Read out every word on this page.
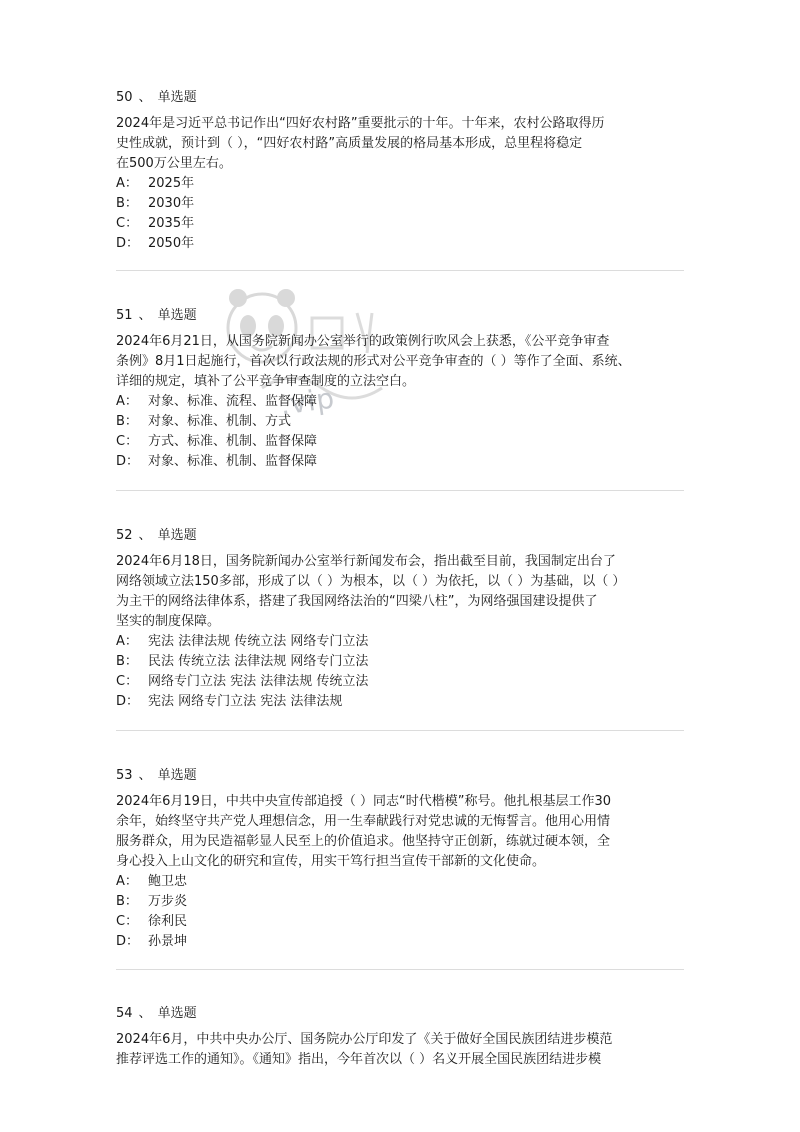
.vip
50 、 单选题
2024年是习近平总书记作出“四好农村路”重要批示的十年。十年来，农村公路取得历
史性成就，预计到（ ），“四好农村路”高质量发展的格局基本形成，总里程将稳定
在500万公里左右。
A： 2025年
B： 2030年
C： 2035年
D： 2050年
51 、 单选题
2024年6月21日，从国务院新闻办公室举行的政策例行吹风会上获悉，《公平竞争审查
条例》8月1日起施行，首次以行政法规的形式对公平竞争审查的（ ）等作了全面、系统、
详细的规定，填补了公平竞争审查制度的立法空白。
A： 对象、标准、流程、监督保障
B： 对象、标准、机制、方式
C： 方式、标准、机制、监督保障
D： 对象、标准、机制、监督保障
52 、 单选题
2024年6月18日，国务院新闻办公室举行新闻发布会，指出截至目前，我国制定出台了
网络领域立法150多部，形成了以（ ）为根本，以（ ）为依托，以（ ）为基础，以（ ）
为主干的网络法律体系，搭建了我国网络法治的“四梁八柱”，为网络强国建设提供了
坚实的制度保障。
A： 宪法 法律法规 传统立法 网络专门立法
B： 民法 传统立法 法律法规 网络专门立法
C： 网络专门立法 宪法 法律法规 传统立法
D： 宪法 网络专门立法 宪法 法律法规
53 、 单选题
2024年6月19日，中共中央宣传部追授（ ）同志“时代楷模”称号。他扎根基层工作30
余年，始终坚守共产党人理想信念，用一生奉献践行对党忠诚的无悔誓言。他用心用情
服务群众，用为民造福彰显人民至上的价值追求。他坚持守正创新，练就过硬本领，全
身心投入上山文化的研究和宣传，用实干笃行担当宣传干部新的文化使命。
A： 鲍卫忠
B： 万步炎
C： 徐利民
D： 孙景坤
54 、 单选题
2024年6月，中共中央办公厅、国务院办公厅印发了《关于做好全国民族团结进步模范
推荐评选工作的通知》。《通知》指出，今年首次以（ ）名义开展全国民族团结进步模
